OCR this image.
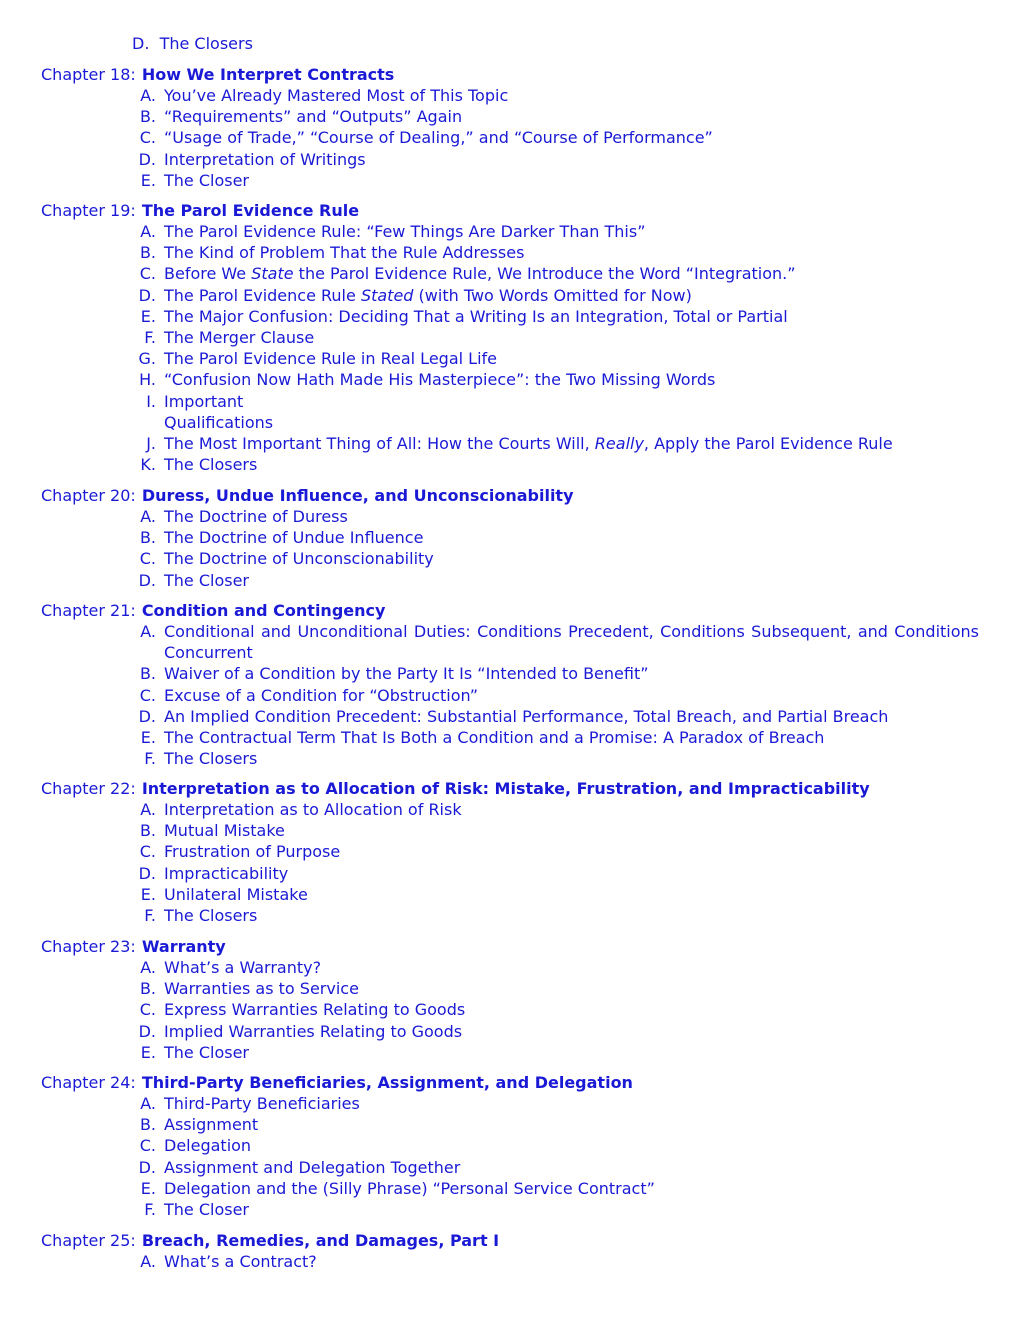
D. The Closers
Chapter 18: How We Interpret Contracts
A. You’ve Already Mastered Most of This Topic
B. “Requirements” and “Outputs” Again
C. “Usage of Trade,” “Course of Dealing,” and “Course of Performance”
D. Interpretation of Writings
E. The Closer
Chapter 19: The Parol Evidence Rule
A. The Parol Evidence Rule: “Few Things Are Darker Than This”
B. The Kind of Problem That the Rule Addresses
C. Before We State the Parol Evidence Rule, We Introduce the Word “Integration.”
D. The Parol Evidence Rule Stated (with Two Words Omitted for Now)
E. The Major Confusion: Deciding That a Writing Is an Integration, Total or Partial
F. The Merger Clause
G. The Parol Evidence Rule in Real Legal Life
H. “Confusion Now Hath Made His Masterpiece”: the Two Missing Words
I. Important Qualifications
J. The Most Important Thing of All: How the Courts Will, Really, Apply the Parol Evidence Rule
K. The Closers
Chapter 20: Duress, Undue Influence, and Unconscionability
A. The Doctrine of Duress
B. The Doctrine of Undue Influence
C. The Doctrine of Unconscionability
D. The Closer
Chapter 21: Condition and Contingency
A. Conditional and Unconditional Duties: Conditions Precedent, Conditions Subsequent, and Conditions Concurrent
B. Waiver of a Condition by the Party It Is “Intended to Benefit”
C. Excuse of a Condition for “Obstruction”
D. An Implied Condition Precedent: Substantial Performance, Total Breach, and Partial Breach
E. The Contractual Term That Is Both a Condition and a Promise: A Paradox of Breach
F. The Closers
Chapter 22: Interpretation as to Allocation of Risk: Mistake, Frustration, and Impracticability
A. Interpretation as to Allocation of Risk
B. Mutual Mistake
C. Frustration of Purpose
D. Impracticability
E. Unilateral Mistake
F. The Closers
Chapter 23: Warranty
A. What’s a Warranty?
B. Warranties as to Service
C. Express Warranties Relating to Goods
D. Implied Warranties Relating to Goods
E. The Closer
Chapter 24: Third-Party Beneficiaries, Assignment, and Delegation
A. Third-Party Beneficiaries
B. Assignment
C. Delegation
D. Assignment and Delegation Together
E. Delegation and the (Silly Phrase) “Personal Service Contract”
F. The Closer
Chapter 25: Breach, Remedies, and Damages, Part I
A. What’s a Contract?
